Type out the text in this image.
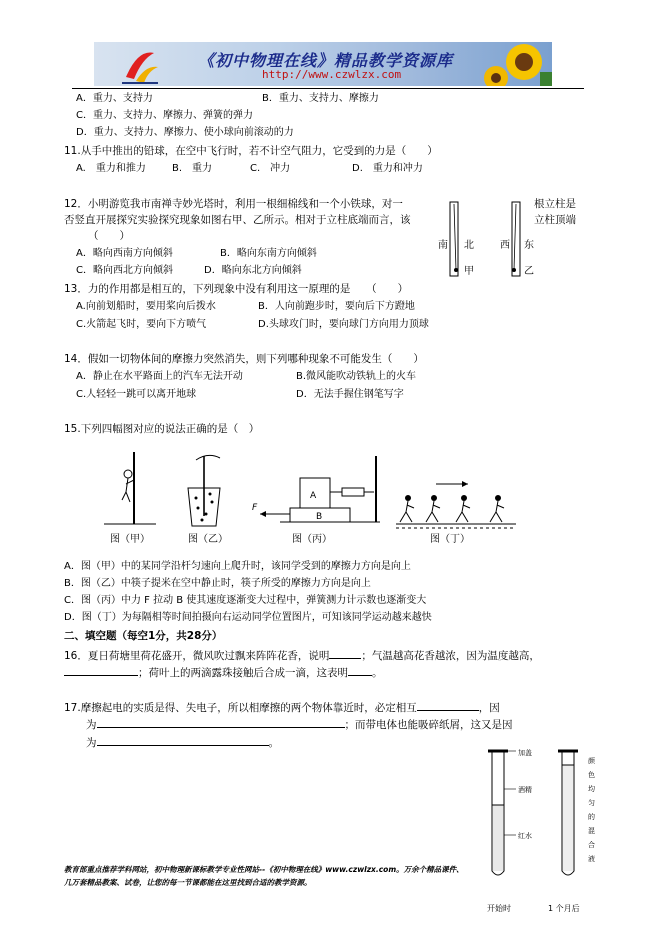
《初中物理在线》精品教学资源库
http://www.czwlzx.com
A．重力、支持力	B．重力、支持力、摩擦力
C．重力、支持力、摩擦力、弹簧的弹力
D．重力、支持力、摩擦力、使小球向前滚动的力
11.从手中推出的铅球，在空中飞行时，若不计空气阻力，它受到的力是（　　）
A.　重力和推力	B.　重力	C.　冲力	D.　重力和冲力
12．小明游览我市南禅寺妙光塔时，利用一根细棉线和一个小铁球，对一	根立柱是
否竖直开展探究实验探究现象如图右甲、乙所示。相对于立柱底端而言，该	立柱顶端
（　　）
A．略向西南方向倾斜	B．略向东南方向倾斜
C．略向西北方向倾斜	D．略向东北方向倾斜
南 北	西 东
甲	乙
13．力的作用都是相互的，下列现象中没有利用这一原理的是　　（　　）
A.向前划船时，要用桨向后拨水	B．人向前跑步时，要向后下方蹬地
C.火箭起飞时，要向下方喷气	D.头球攻门时，要向球门方向用力顶球
14．假如一切物体间的摩擦力突然消失，则下列哪种现象不可能发生（　　）
A．静止在水平路面上的汽车无法开动	B.微风能吹动铁轨上的火车
C.人轻轻一跳可以离开地球	D．无法手握住钢笔写字
15.下列四幅图对应的说法正确的是（　）
图（甲）	图（乙）
F
A
B
图（丙）	图（丁）
A．图（甲）中的某同学沿杆匀速向上爬升时，该同学受到的摩擦力方向是向上
B．图（乙）中筷子提米在空中静止时，筷子所受的摩擦力方向是向上
C．图（丙）中力 F 拉动 B 使其速度逐渐变大过程中，弹簧测力计示数也逐渐变大
D．图（丁）为每隔相等时间拍摄向右运动同学位置图片，可知该同学运动越来越快
二、填空题（每空1分，共28分）
16．夏日荷塘里荷花盛开，微风吹过飘来阵阵花香，说明	；气温越高花香越浓，因为温度越高，
；荷叶上的两滴露珠接触后合成一滴，这表明 。
17.摩擦起电的实质是得、失电子，所以相摩擦的两个物体靠近时，必定相互	，因
为	；而带电体也能吸碎纸屑，这又是因
为	。
加盖
酒精
红水
颜
色
均
匀
的
混
合
液
教育部重点推荐学科网站，初中物理新课标教学专业性网站--《初中物理在线》www.czwlzx.com。万余个精品课件、
几万套精品教案、试卷，让您的每一节课都能在这里找到合适的教学资源。
开始时	1 个月后
